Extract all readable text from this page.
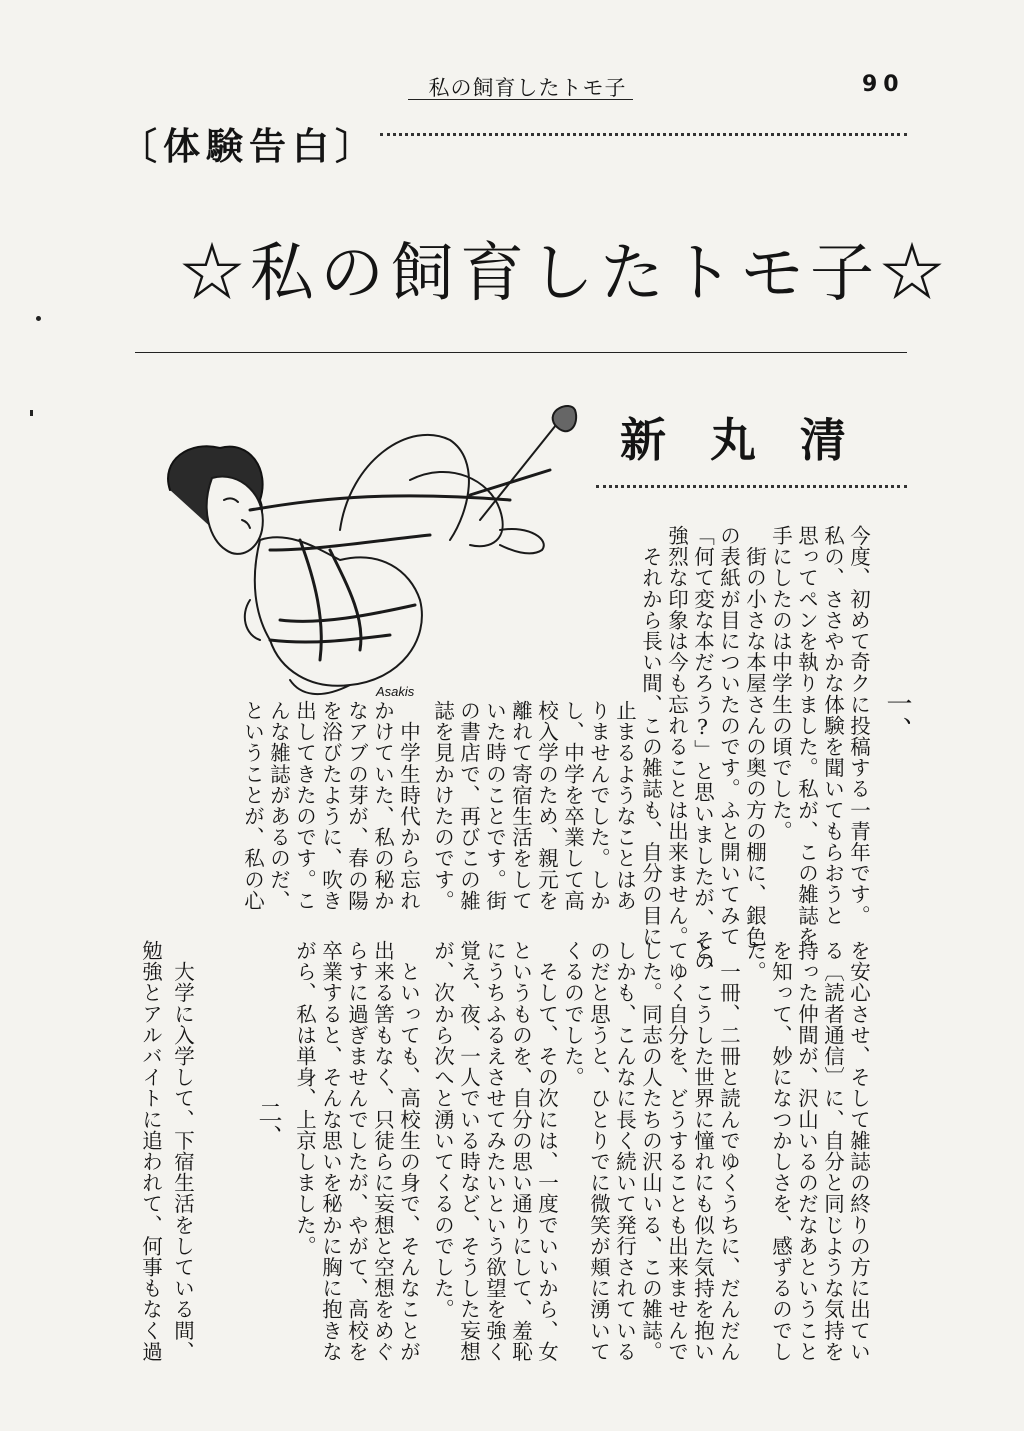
私の飼育したトモ子	90
〔体験告白〕
☆私の飼育したトモ子☆
新 丸 清
Asakis	一、
今度、初めて奇クに投稿する一青年です。
私の、ささやかな体験を聞いてもらおうと
思ってペンを執りました。私が、この雑誌を
手にしたのは中学生の頃でした。
　街の小さな本屋さんの奥の方の棚に、銀色
の表紙が目についたのです。ふと開いてみて
「何て変な本だろう?」と思いましたが、その
強烈な印象は今も忘れることは出来ません。
　それから長い間、この雑誌も、自分の目に
止まるようなことはあ
りませんでした。しか
し、中学を卒業して高
校入学のため、親元を
離れて寄宿生活をして
いた時のことです。街
の書店で、再びこの雑
誌を見かけたのです。
　中学生時代から忘れ
かけていた、私の秘か
なアブの芽が、春の陽
を浴びたように、吹き
出してきたのです。こ
んな雑誌があるのだ、
ということが、私の心
を安心させ、そして雑誌の終りの方に出てい
る〔読者通信〕に、自分と同じような気持を
持った仲間が、沢山いるのだなあということ
を知って、妙になつかしさを、感ずるのでし
た。
　一冊、二冊と読んでゆくうちに、だんだん
と、こうした世界に憧れにも似た気持を抱い
てゆく自分を、どうすることも出来ませんで
した。同志の人たちの沢山いる、この雑誌。
しかも、こんなに長く続いて発行されている
のだと思うと、ひとりでに微笑が頬に湧いて
くるのでした。
　そして、その次には、一度でいいから、女
というものを、自分の思い通りにして、羞恥
にうちふるえさせてみたいという欲望を強く
覚え、夜、一人でいる時など、そうした妄想
が、次から次へと湧いてくるのでした。
　といっても、高校生の身で、そんなことが
出来る筈もなく、只徒らに妄想と空想をめぐ
らすに過ぎませんでしたが、やがて、高校を
卒業すると、そんな思いを秘かに胸に抱きな
がら、私は単身、上京しました。
二、
　大学に入学して、下宿生活をしている間、
勉強とアルバイトに追われて、何事もなく過
